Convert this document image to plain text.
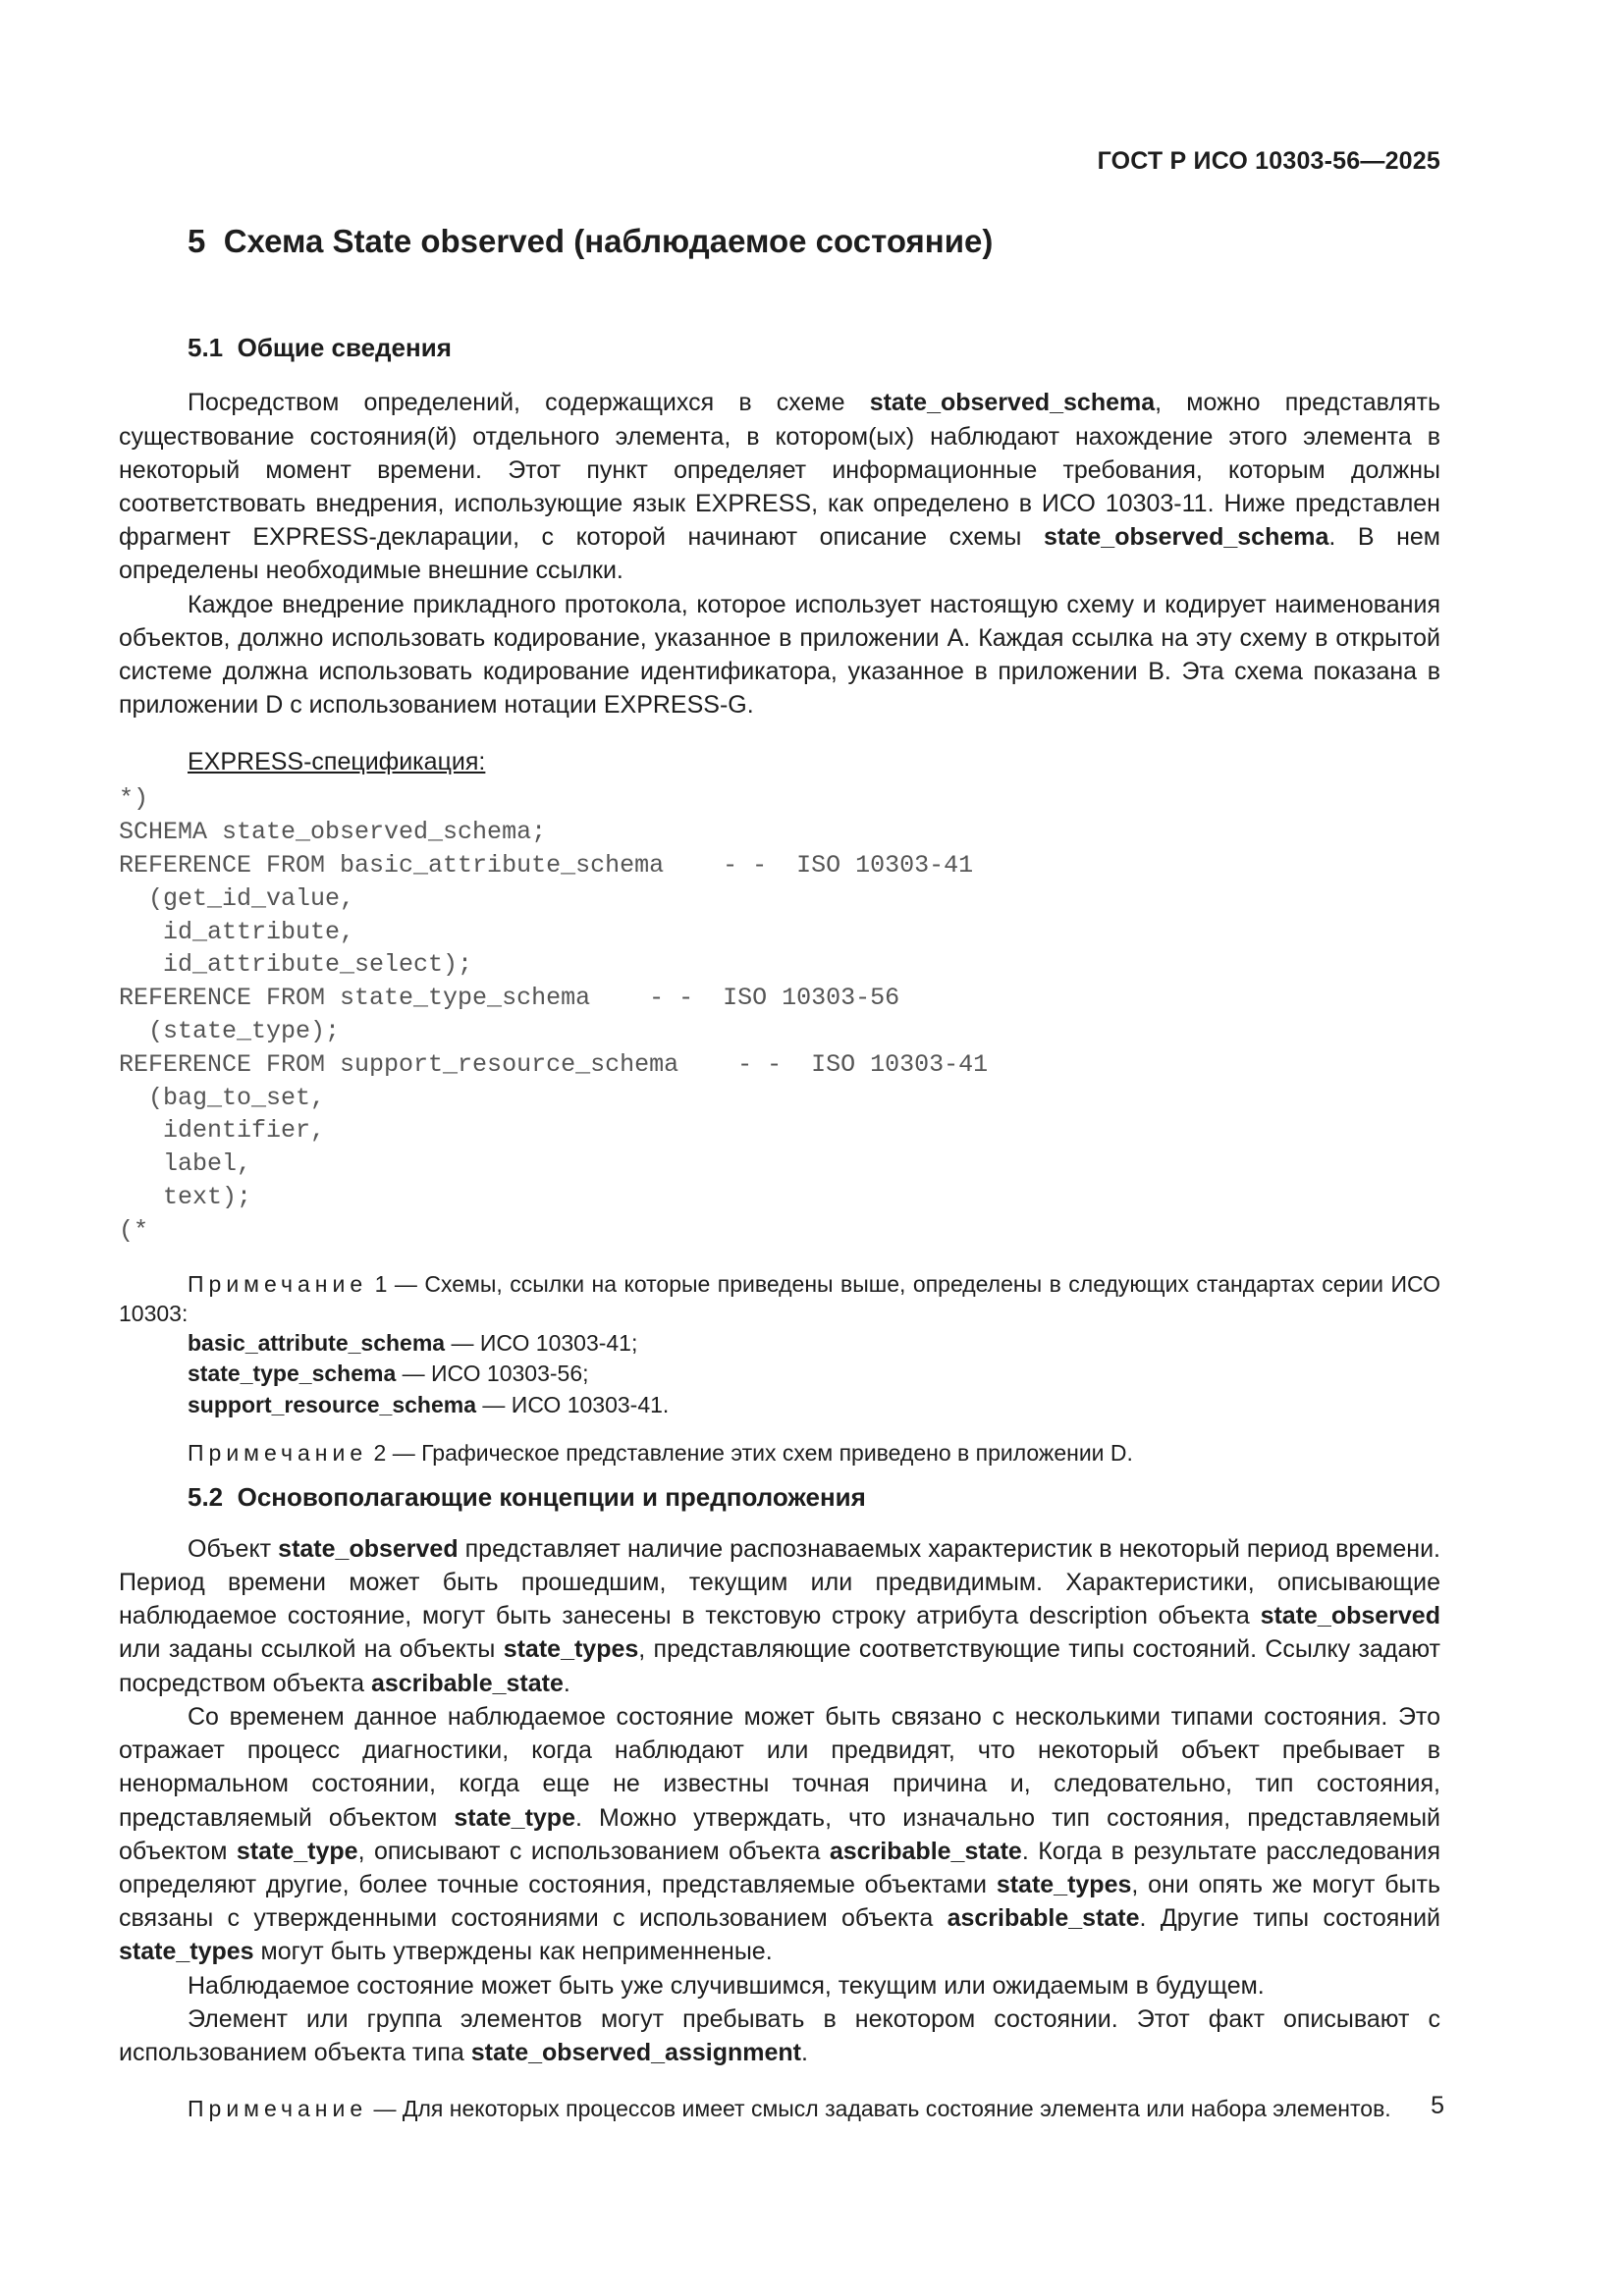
ГОСТ Р ИСО 10303-56—2025
5 Схема State observed (наблюдаемое состояние)
5.1 Общие сведения

Посредством определений, содержащихся в схеме state_observed_schema, можно представлять существование состояния(й) отдельного элемента, в котором(ых) наблюдают нахождение этого элемента в некоторый момент времени. Этот пункт определяет информационные требования, которым должны соответствовать внедрения, использующие язык EXPRESS, как определено в ИСО 10303-11. Ниже представлен фрагмент EXPRESS-декларации, с которой начинают описание схемы state_observed_schema. В нем определены необходимые внешние ссылки.

Каждое внедрение прикладного протокола, которое использует настоящую схему и кодирует наименования объектов, должно использовать кодирование, указанное в приложении А. Каждая ссылка на эту схему в открытой системе должна использовать кодирование идентификатора, указанное в приложении В. Эта схема показана в приложении D с использованием нотации EXPRESS-G.

EXPRESS-спецификация:
*)
SCHEMA state_observed_schema;
REFERENCE FROM basic_attribute_schema    - -  ISO 10303-41
(get_id_value,
id_attribute,
id_attribute_select);
REFERENCE FROM state_type_schema    - -  ISO 10303-56
(state_type);
REFERENCE FROM support_resource_schema    - -  ISO 10303-41
(bag_to_set,
identifier,
label,
text);
(*

Примечание 1 — Схемы, ссылки на которые приведены выше, определены в следующих стандартах серии ИСО 10303:

basic_attribute_schema — ИСО 10303-41;
state_type_schema — ИСО 10303-56;
support_resource_schema — ИСО 10303-41.

Примечание 2 — Графическое представление этих схем приведено в приложении D.

5.2 Основополагающие концепции и предположения

Объект state_observed представляет наличие распознаваемых характеристик в некоторый период времени. Период времени может быть прошедшим, текущим или предвидимым. Характеристики, описывающие наблюдаемое состояние, могут быть занесены в текстовую строку атрибута description объекта state_observed или заданы ссылкой на объекты state_types, представляющие соответствующие типы состояний. Ссылку задают посредством объекта ascribable_state.

Со временем данное наблюдаемое состояние может быть связано с несколькими типами состояния. Это отражает процесс диагностики, когда наблюдают или предвидят, что некоторый объект пребывает в ненормальном состоянии, когда еще не известны точная причина и, следовательно, тип состояния, представляемый объектом state_type. Можно утверждать, что изначально тип состояния, представляемый объектом state_type, описывают с использованием объекта ascribable_state. Когда в результате расследования определяют другие, более точные состояния, представляемые объектами state_types, они опять же могут быть связаны с утвержденными состояниями с использованием объекта ascribable_state. Другие типы состояний state_types могут быть утверждены как неприменненые.

Наблюдаемое состояние может быть уже случившимся, текущим или ожидаемым в будущем.

Элемент или группа элементов могут пребывать в некотором состоянии. Этот факт описывают с использованием объекта типа state_observed_assignment.

Примечание — Для некоторых процессов имеет смысл задавать состояние элемента или набора элементов.	5
